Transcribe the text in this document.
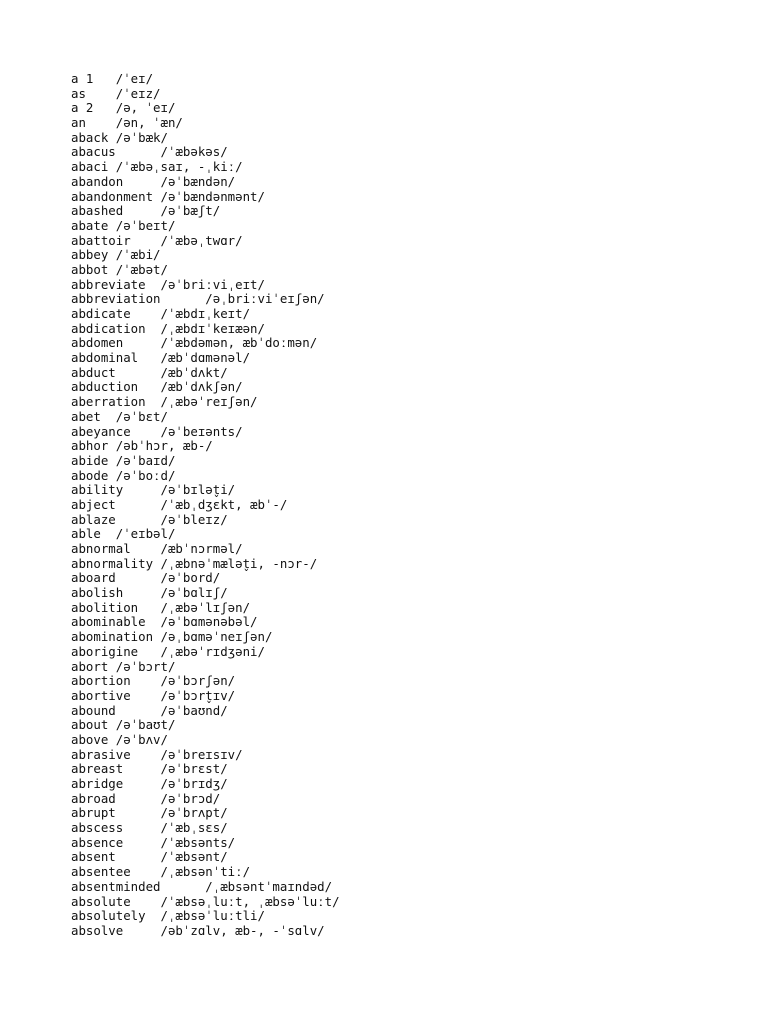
a 1   /ˈeɪ/
as    /ˈeɪz/
a 2   /ə, ˈeɪ/
an    /ən, ˈæn/
aback /əˈbæk/
abacus      /ˈæbəkəs/
abaci /ˈæbəˌsaɪ, -ˌkiː/
abandon     /əˈbændən/
abandonment /əˈbændənmənt/
abashed     /əˈbæʃt/
abate /əˈbeɪt/
abattoir    /ˈæbəˌtwɑr/
abbey /ˈæbi/
abbot /ˈæbət/
abbreviate  /əˈbriːviˌeɪt/
abbreviation      /əˌbriːviˈeɪʃən/
abdicate    /ˈæbdɪˌkeɪt/
abdication  /ˌæbdɪˈkeɪæən/
abdomen     /ˈæbdəmən, æbˈdoːmən/
abdominal   /æbˈdɑmənəl/
abduct      /æbˈdʌkt/
abduction   /æbˈdʌkʃən/
aberration  /ˌæbəˈreɪʃən/
abet  /əˈbɛt/
abeyance    /əˈbeɪənts/
abhor /əbˈhɔr, æb-/
abide /əˈbaɪd/
abode /əˈboːd/
ability     /əˈbɪlət̬i/
abject      /ˈæbˌdʒɛkt, æbˈ-/
ablaze      /əˈbleɪz/
able  /ˈeɪbəl/
abnormal    /æbˈnɔrməl/
abnormality /ˌæbnəˈmælət̬i, -nɔr-/
aboard      /əˈbord/
abolish     /əˈbɑlɪʃ/
abolition   /ˌæbəˈlɪʃən/
abominable  /əˈbɑmənəbəl/
abomination /əˌbɑməˈneɪʃən/
aborigine   /ˌæbəˈrɪdʒəni/
abort /əˈbɔrt/
abortion    /əˈbɔrʃən/
abortive    /əˈbɔrt̬ɪv/
abound      /əˈbaʊnd/
about /əˈbaʊt/
above /əˈbʌv/
abrasive    /əˈbreɪsɪv/
abreast     /əˈbrɛst/
abridge     /əˈbrɪdʒ/
abroad      /əˈbrɔd/
abrupt      /əˈbrʌpt/
abscess     /ˈæbˌsɛs/
absence     /ˈæbsənts/
absent      /ˈæbsənt/
absentee    /ˌæbsənˈtiː/
absentminded      /ˌæbsəntˈmaɪndəd/
absolute    /ˈæbsəˌluːt, ˌæbsəˈluːt/
absolutely  /ˌæbsəˈluːtli/
absolve     /əbˈzɑlv, æb-, -ˈsɑlv/
